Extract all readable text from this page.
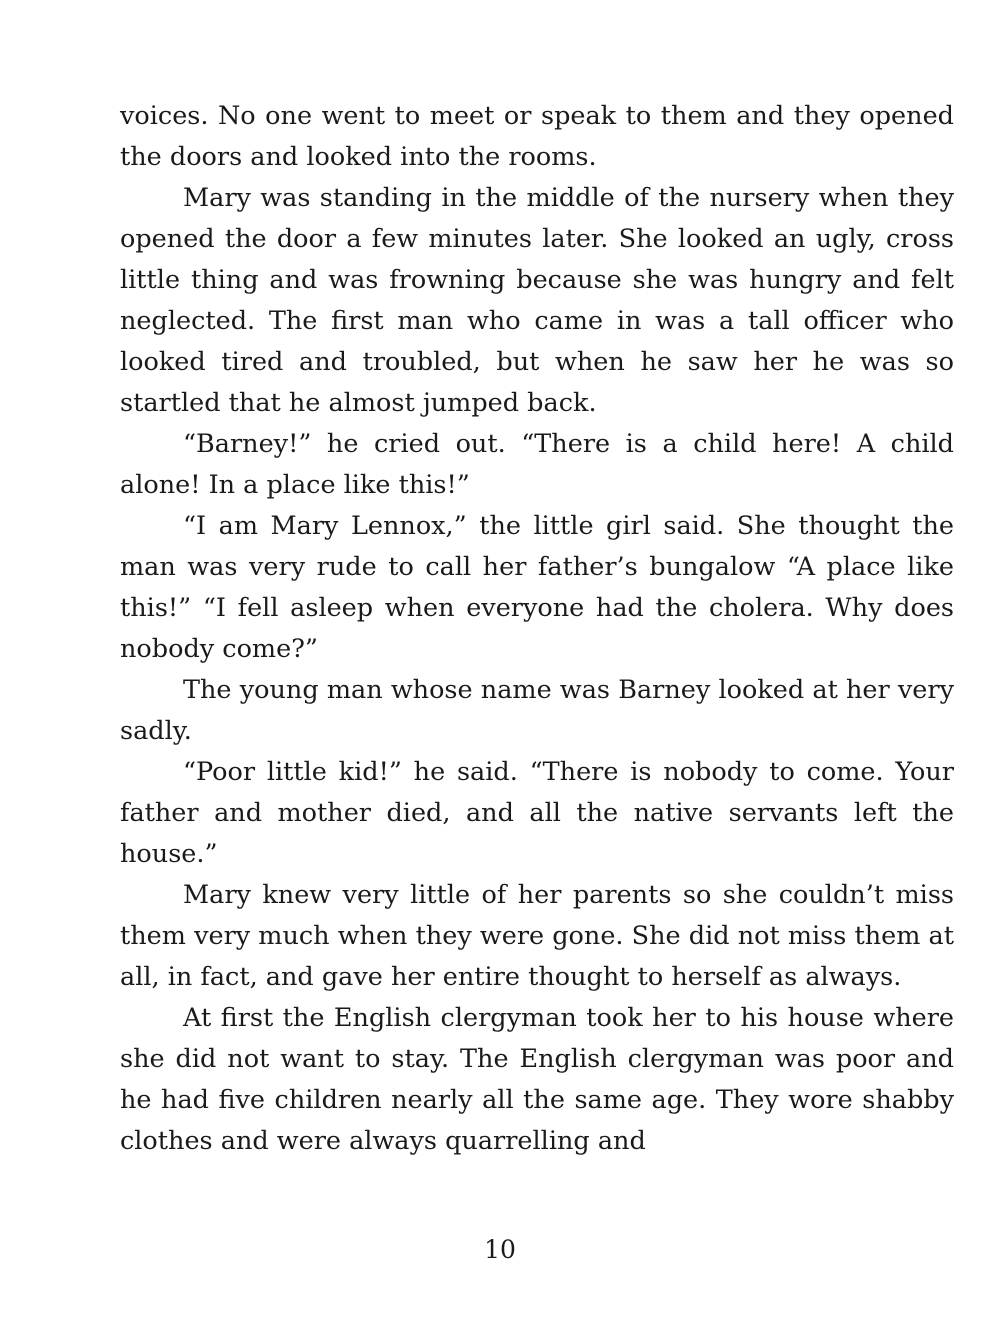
voices. No one went to meet or speak to them and they opened the doors and looked into the rooms.

Mary was standing in the middle of the nursery when they opened the door a few minutes later. She looked an ugly, cross little thing and was frowning because she was hungry and felt neglected. The first man who came in was a tall officer who looked tired and troubled, but when he saw her he was so startled that he almost jumped back.

“Barney!” he cried out. “There is a child here! A child alone! In a place like this!”

“I am Mary Lennox,” the little girl said. She thought the man was very rude to call her father’s bungalow “A place like this!” “I fell asleep when everyone had the cholera. Why does nobody come?”

The young man whose name was Barney looked at her very sadly.

“Poor little kid!” he said. “There is nobody to come. Your father and mother died, and all the native servants left the house.”

Mary knew very little of her parents so she couldn’t miss them very much when they were gone. She did not miss them at all, in fact, and gave her entire thought to herself as always.

At first the English clergyman took her to his house where she did not want to stay. The English clergyman was poor and he had five children nearly all the same age. They wore shabby clothes and were always quarrelling and

10
